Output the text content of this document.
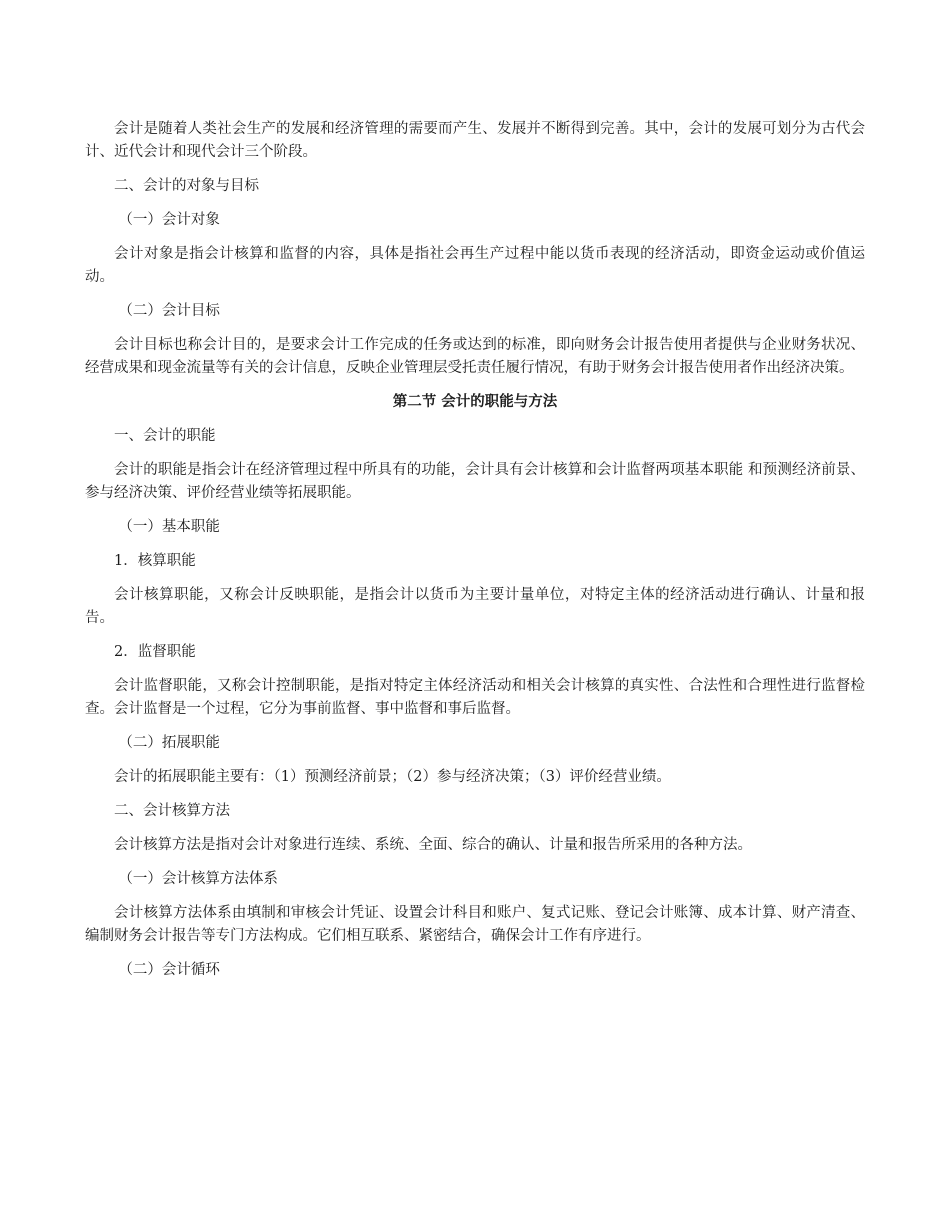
会计是随着人类社会生产的发展和经济管理的需要而产生、发展并不断得到完善。其中，会计的发展可划分为古代会计、近代会计和现代会计三个阶段。

二、会计的对象与目标

（一）会计对象

会计对象是指会计核算和监督的内容，具体是指社会再生产过程中能以货币表现的经济活动，即资金运动或价值运动。

（二）会计目标

会计目标也称会计目的，是要求会计工作完成的任务或达到的标准，即向财务会计报告使用者提供与企业财务状况、经营成果和现金流量等有关的会计信息，反映企业管理层受托责任履行情况，有助于财务会计报告使用者作出经济决策。

第二节 会计的职能与方法

一、会计的职能

会计的职能是指会计在经济管理过程中所具有的功能，会计具有会计核算和会计监督两项基本职能 和预测经济前景、参与经济决策、评价经营业绩等拓展职能。

（一）基本职能

1．核算职能

会计核算职能，又称会计反映职能，是指会计以货币为主要计量单位，对特定主体的经济活动进行确认、计量和报告。

2．监督职能

会计监督职能，又称会计控制职能，是指对特定主体经济活动和相关会计核算的真实性、合法性和合理性进行监督检查。会计监督是一个过程，它分为事前监督、事中监督和事后监督。

（二）拓展职能

会计的拓展职能主要有：（1）预测经济前景；（2）参与经济决策；（3）评价经营业绩。

二、会计核算方法

会计核算方法是指对会计对象进行连续、系统、全面、综合的确认、计量和报告所采用的各种方法。

（一）会计核算方法体系

会计核算方法体系由填制和审核会计凭证、设置会计科目和账户、复式记账、登记会计账簿、成本计算、财产清查、编制财务会计报告等专门方法构成。它们相互联系、紧密结合，确保会计工作有序进行。

（二）会计循环
